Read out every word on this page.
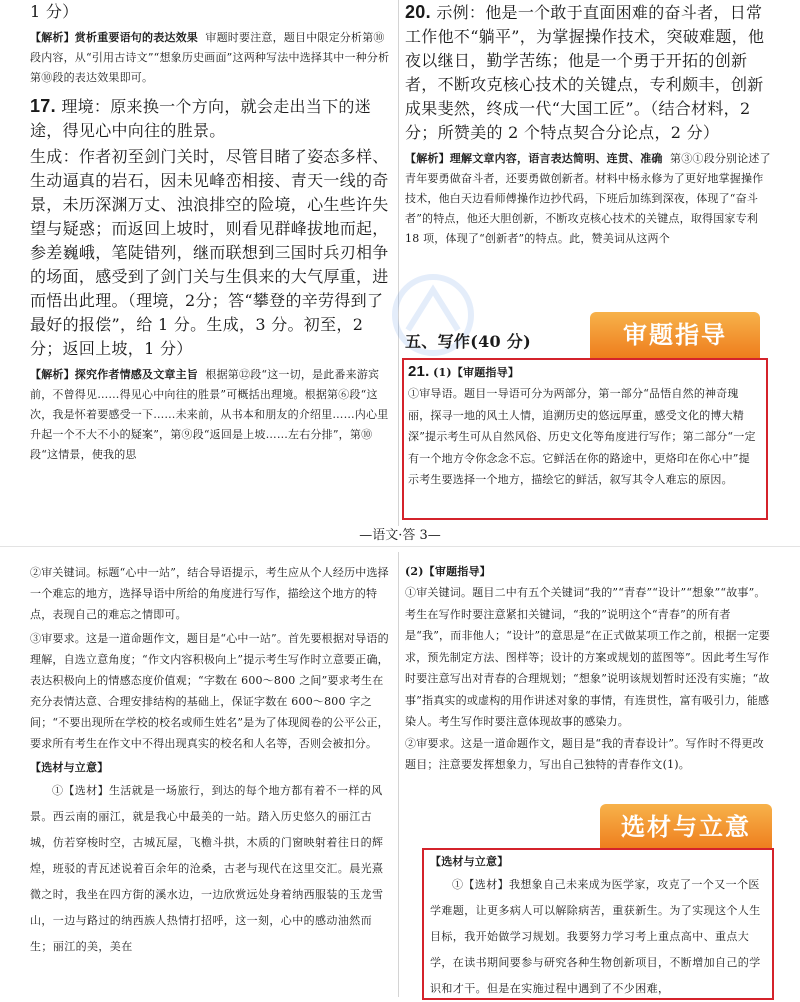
1 分）

【解析】赏析重要语句的表达效果 审题时要注意，题目中限定分析第⑩段内容，从“引用古诗文”“想象历史画面”这两种写法中选择其中一种分析第⑩段的表达效果即可。

17. 理境：原来换一个方向，就会走出当下的迷途，得见心中向往的胜景。

生成：作者初至剑门关时，尽管目睹了姿态多样、生动逼真的岩石，因未见峰峦相接、青天一线的奇景，未历深渊万丈、浊浪排空的险境，心生些许失望与疑惑；而返回上坡时，则看见群峰拔地而起，参差巍峨，笔陡错列，继而联想到三国时兵刃相争的场面，感受到了剑门关与生俱来的大气厚重，进而悟出此理。（理境，2分；答“攀登的辛劳得到了最好的报偿”，给 1 分。生成，3 分。初至，2 分；返回上坡，1 分）

【解析】探究作者情感及文章主旨 根据第⑫段“这一切，是此番来游宾前，不曾得见……得见心中向往的胜景”可概括出理境。根据第⑥段“这次，我是怀着要感受一下……未来前，从书本和朋友的介绍里……内心里升起一个不大不小的疑案”，第⑨段“返回是上坡……左右分排”，第⑩段“这情景，使我的思

20. 示例：他是一个敢于直面困难的奋斗者，日常工作他不“躺平”，为掌握操作技术，突破难题，他夜以继日，勤学苦练；他是一个勇于开拓的创新者，不断攻克核心技术的关键点，专利颇丰，创新成果斐然，终成一代“大国工匠”。（结合材料，2 分；所赞美的 2 个特点契合分论点，2 分）

【解析】理解文章内容，语言表达简明、连贯、准确 第③①段分别论述了青年要勇做奋斗者，还要勇做创新者。材料中杨永修为了更好地掌握操作技术，他白天边看师傅操作边抄代码，下班后加练到深夜，体现了“奋斗者”的特点，他还大胆创新，不断攻克核心技术的关键点，取得国家专利 18 项，体现了“创新者”的特点。此，赞美词从这两个

五、写作(40 分)	审题指导

21. (1)【审题指导】

①审导语。题目一导语可分为两部分，第一部分“品悟自然的神奇瑰丽，探寻一地的风土人情，追溯历史的悠远厚重，感受文化的博大精深”提示考生可从自然风俗、历史文化等角度进行写作；第二部分“一定有一个地方令你念念不忘。它鲜活在你的路途中，更烙印在你心中”提示考生要选择一个地方，描绘它的鲜活，叙写其令人难忘的原因。

—语文·答 3—

②审关键词。标题“心中一站”，结合导语提示，考生应从个人经历中选择一个难忘的地方，选择导语中所给的角度进行写作，描绘这个地方的特点，表现自己的难忘之情即可。

③审要求。这是一道命题作文，题目是“心中一站”。首先要根据对导语的理解，自选立意角度；“作文内容积极向上”提示考生写作时立意要正确，表达积极向上的情感态度价值观；“字数在 600～800 之间”要求考生在充分表情达意、合理安排结构的基础上，保证字数在 600～800 字之间；“不要出现所在学校的校名或师生姓名”是为了体现阅卷的公平公正，要求所有考生在作文中不得出现真实的校名和人名等，否则会被扣分。

【选材与立意】

①【选材】生活就是一场旅行，到达的每个地方都有着不一样的风景。西云南的丽江，就是我心中最美的一站。踏入历史悠久的丽江古城，仿若穿梭时空，古城瓦屋，飞檐斗拱，木质的门窗映射着往日的辉煌，班驳的青瓦述说着百余年的沧桑，古老与现代在这里交汇。晨光熹微之时，我坐在四方街的溪水边，一边欣赏远处身着纳西服装的玉龙雪山，一边与路过的纳西族人热情打招呼，这一刻，心中的感动油然而生；丽江的美，美在

(2)【审题指导】

①审关键词。题目二中有五个关键词“我的”“青春”“设计”“想象”“故事”。考生在写作时要注意紧扣关键词，“我的”说明这个“青春”的所有者是“我”，而非他人；“设计”的意思是“在正式做某项工作之前，根据一定要求，预先制定方法、图样等；设计的方案或规划的蓝图等”。因此考生写作时要注意写出对青春的合理规划；“想象”说明该规划暂时还没有实施；“故事”指真实的或虚构的用作讲述对象的事情，有连贯性，富有吸引力，能感染人。考生写作时要注意体现故事的感染力。

②审要求。这是一道命题作文，题目是“我的青春设计”。写作时不得更改题目；注意要发挥想象力，写出自己独特的青春作文(1)。

选材与立意

【选材与立意】

①【选材】我想象自己未来成为医学家，攻克了一个又一个医学难题，让更多病人可以解除病苦，重获新生。为了实现这个人生目标，我开始做学习规划。我要努力学习考上重点高中、重点大学，在读书期间要参与研究各种生物创新项目，不断增加自己的学识和才干。但是在实施过程中遇到了不少困难，
